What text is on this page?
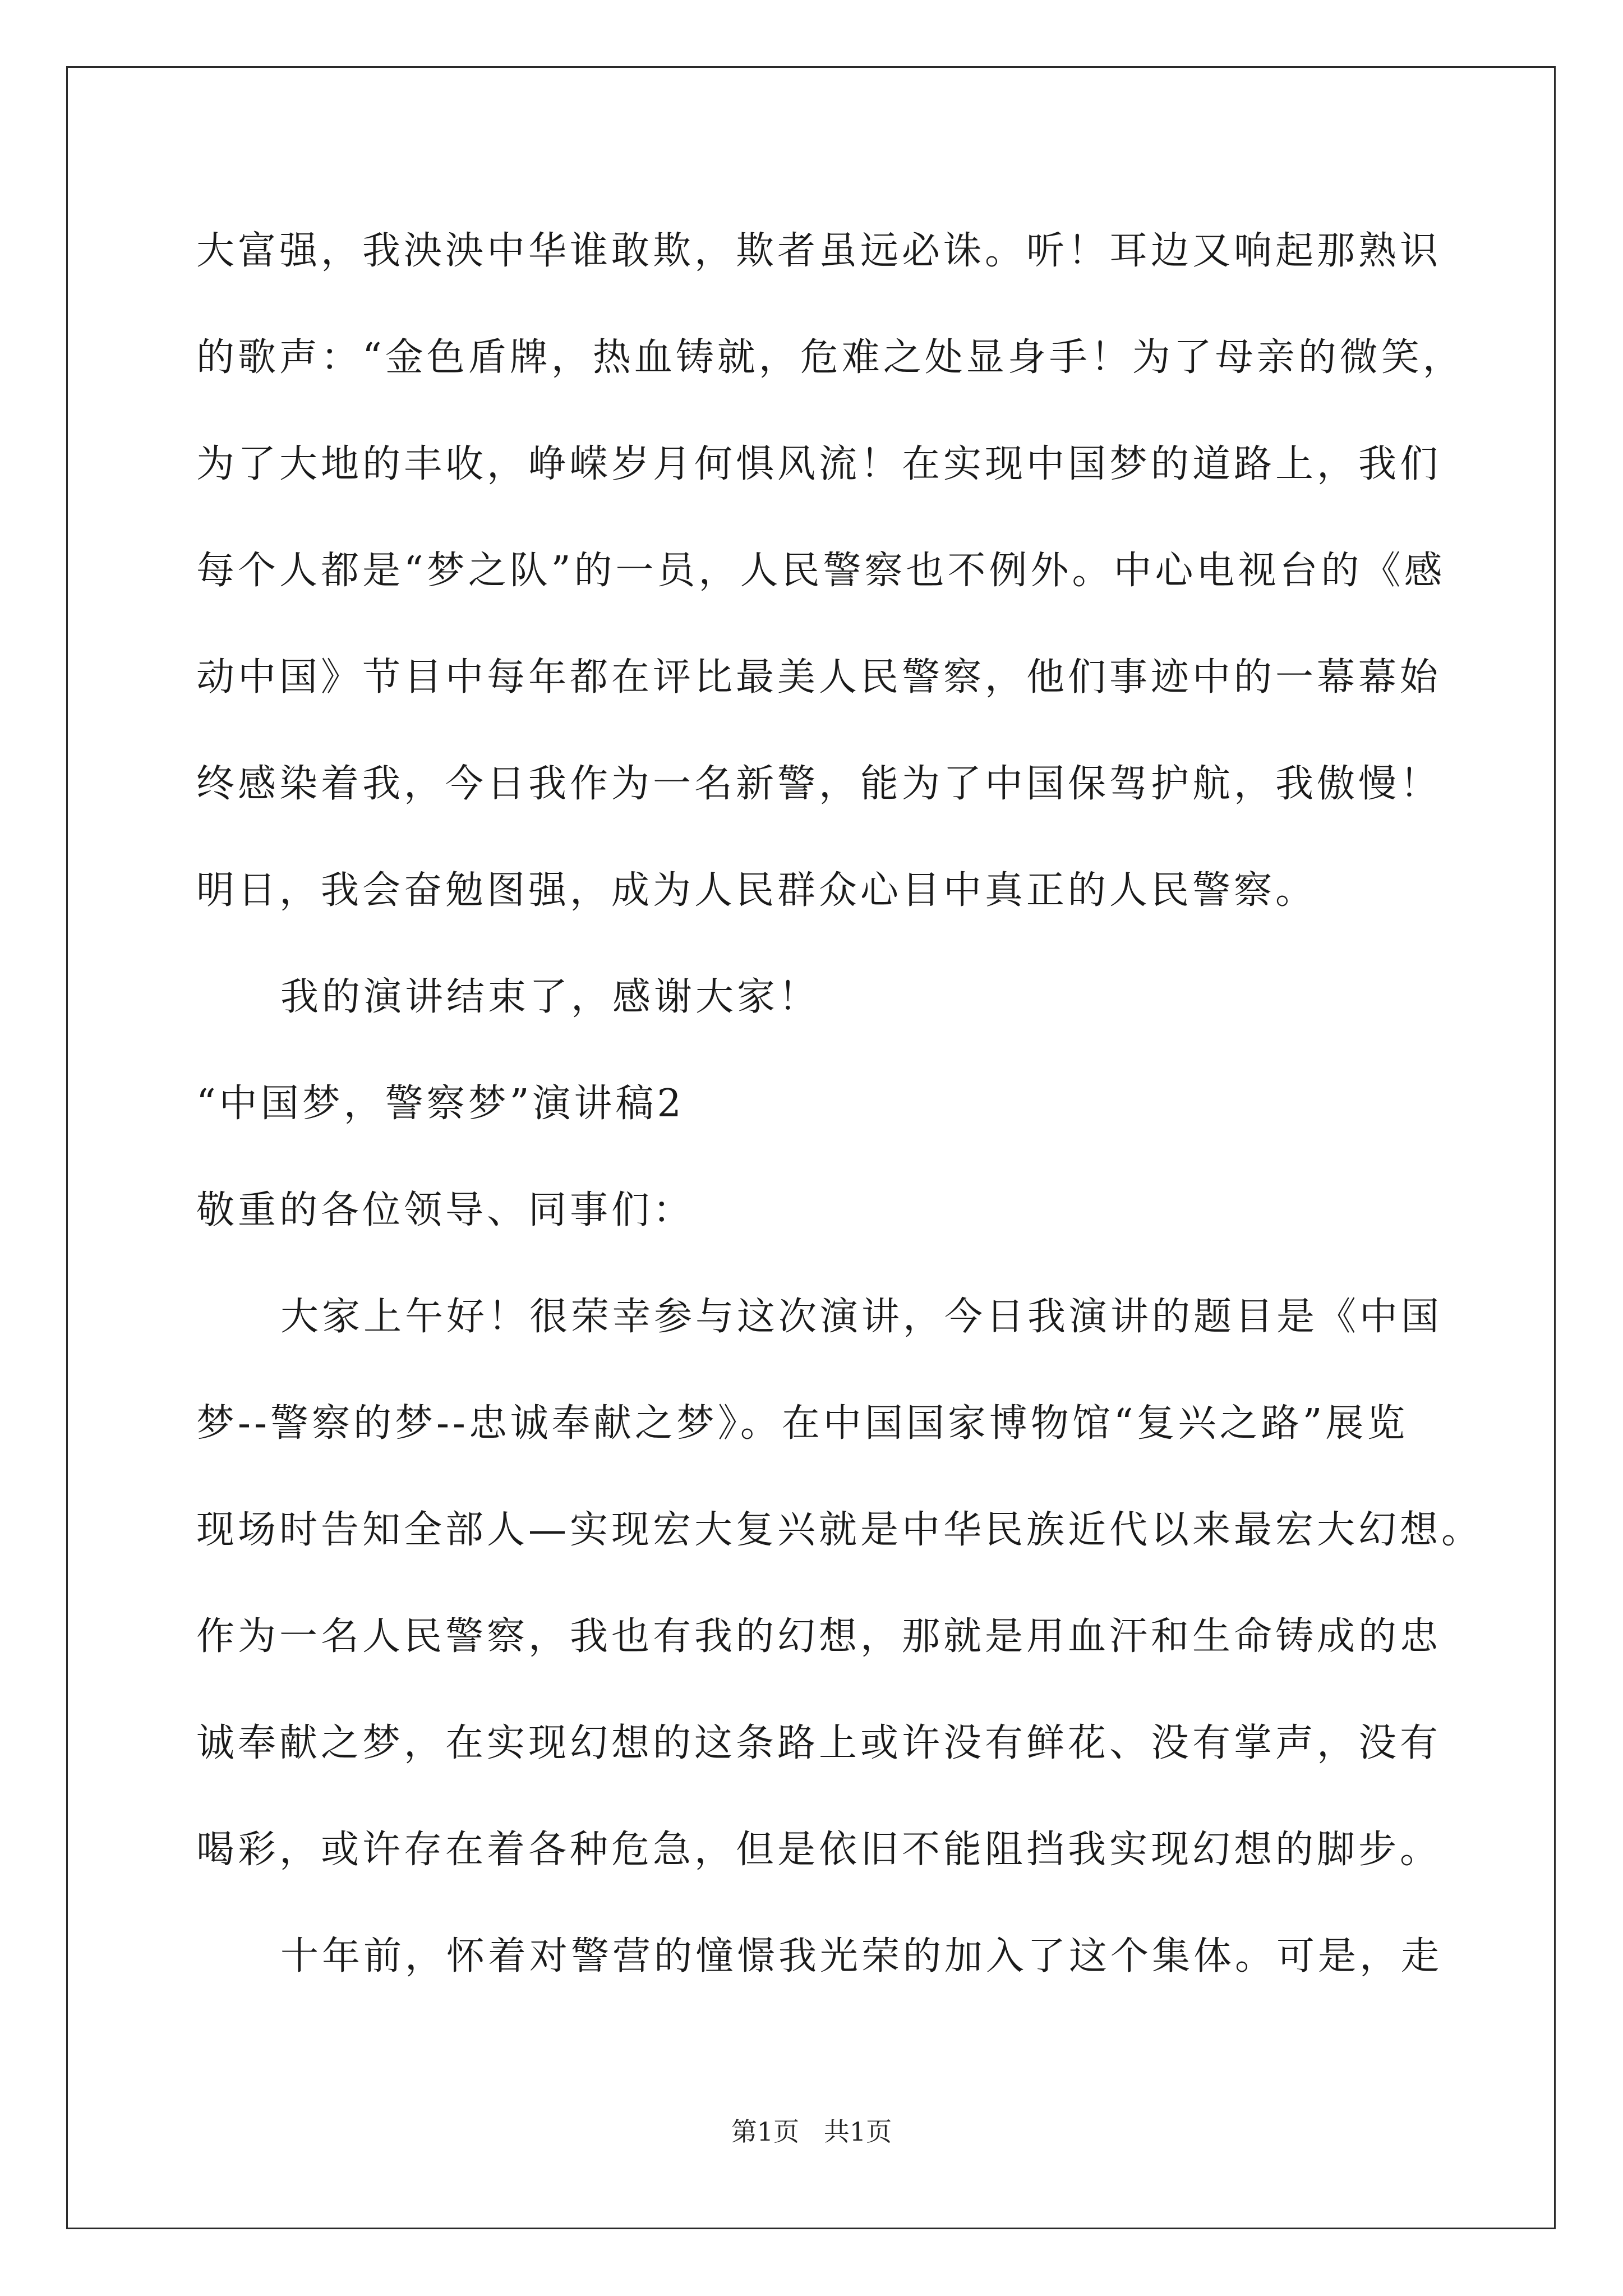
大富强，我泱泱中华谁敢欺，欺者虽远必诛。听！耳边又响起那熟识

的歌声：“金色盾牌，热血铸就，危难之处显身手！为了母亲的微笑，

为了大地的丰收，峥嵘岁月何惧风流！在实现中国梦的道路上，我们

每个人都是“梦之队”的一员，人民警察也不例外。中心电视台的《感

动中国》节目中每年都在评比最美人民警察，他们事迹中的一幕幕始

终感染着我，今日我作为一名新警，能为了中国保驾护航，我傲慢！

明日，我会奋勉图强，成为人民群众心目中真正的人民警察。

我的演讲结束了，感谢大家！

“中国梦，警察梦”演讲稿2

敬重的各位领导、同事们：

大家上午好！很荣幸参与这次演讲，今日我演讲的题目是《中国

梦--警察的梦--忠诚奉献之梦》。在中国国家博物馆“复兴之路”展览

现场时告知全部人—实现宏大复兴就是中华民族近代以来最宏大幻想。

作为一名人民警察，我也有我的幻想，那就是用血汗和生命铸成的忠

诚奉献之梦，在实现幻想的这条路上或许没有鲜花、没有掌声，没有

喝彩，或许存在着各种危急，但是依旧不能阻挡我实现幻想的脚步。

十年前，怀着对警营的憧憬我光荣的加入了这个集体。可是，走

第1页   共1页
